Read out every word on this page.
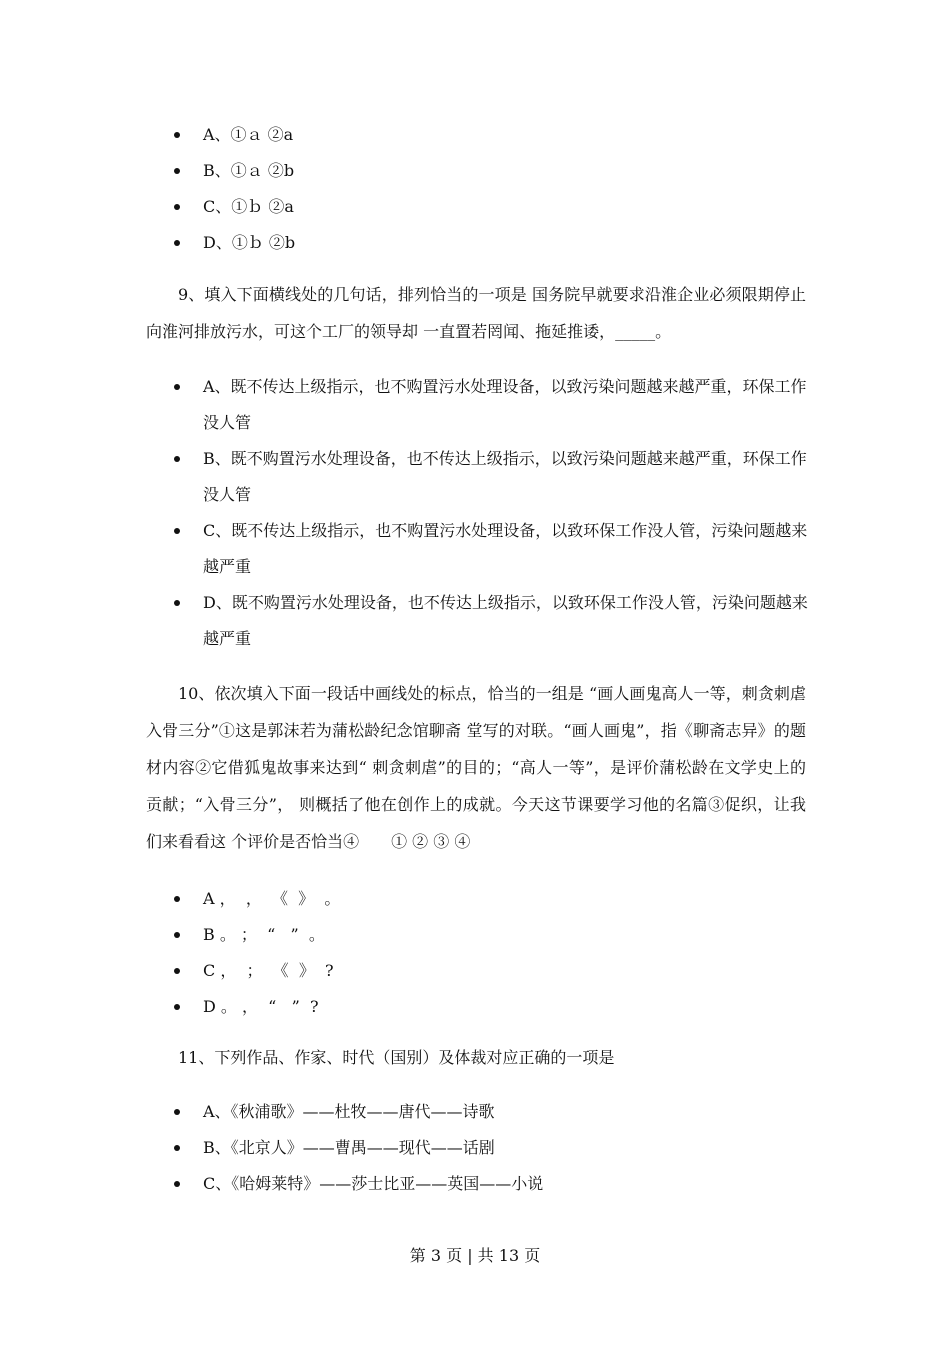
A、①ａ ②a
B、①ａ ②b
C、①ｂ ②a
D、①ｂ ②b

9、填入下面横线处的几句话，排列恰当的一项是 国务院早就要求沿淮企业必须限期停止向淮河排放污水，可这个工厂的领导却 一直置若罔闻、拖延推诿，_____。

A、既不传达上级指示，也不购置污水处理设备，以致污染问题越来越严重，环保工作没人管
B、既不购置污水处理设备，也不传达上级指示，以致污染问题越来越严重，环保工作没人管
C、既不传达上级指示，也不购置污水处理设备，以致环保工作没人管，污染问题越来越严重
D、既不购置污水处理设备，也不传达上级指示，以致环保工作没人管，污染问题越来越严重

10、依次填入下面一段话中画线处的标点，恰当的一组是 “画人画鬼高人一等，刺贪刺虐入骨三分”①这是郭沫若为蒲松龄纪念馆聊斋 堂写的对联。“画人画鬼”，指《聊斋志异》的题材内容②它借狐鬼故事来达到“ 刺贪刺虐”的目的；“高人一等”，是评价蒲松龄在文学史上的贡献；“入骨三分”， 则概括了他在创作上的成就。今天这节课要学习他的名篇③促织，让我们来看看这 个评价是否恰当④　　① ② ③ ④

A ，  ，  《  》  。
B 。 ；  “   ”  。
C ，  ；  《  》  ?
D 。 ，  “   ”  ?

11、下列作品、作家、时代（国别）及体裁对应正确的一项是

A、《秋浦歌》——杜牧——唐代——诗歌
B、《北京人》——曹禺——现代——话剧
C、《哈姆莱特》——莎士比亚——英国——小说
第 3 页 | 共 13 页
